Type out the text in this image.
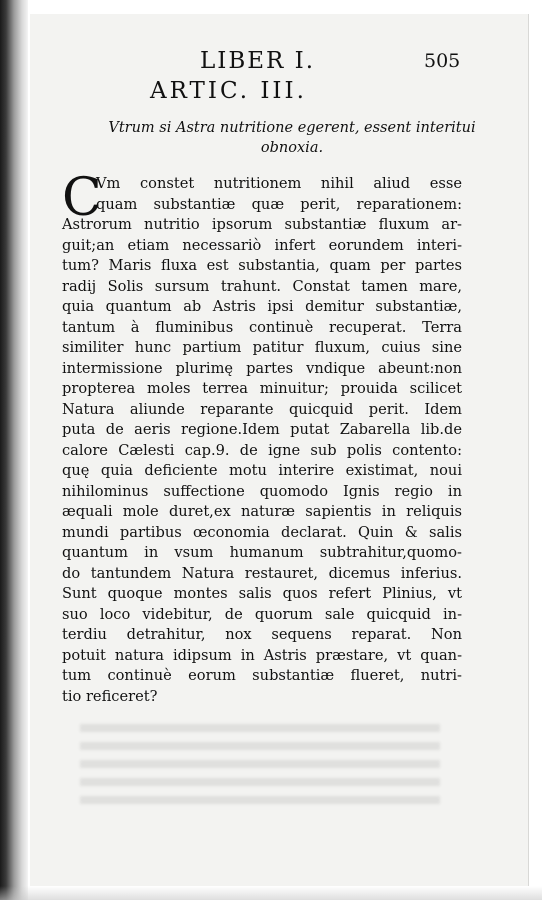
LIBER I.	505
ARTIC. III.
Vtrum si Astra nutritione egerent, essent interitui obnoxia.
C
Vm constet nutritionem nihil aliud esse
quam substantiæ quæ perit, reparationem:
Astrorum nutritio ipsorum substantiæ fluxum ar-
guit;an etiam necessariò infert eorundem interi-
tum? Maris fluxa est substantia, quam per partes
radij Solis sursum trahunt. Constat tamen mare,
quia quantum ab Astris ipsi demitur substantiæ,
tantum à fluminibus continuè recuperat. Terra
similiter hunc partium patitur fluxum, cuius sine
intermissione plurimę partes vndique abeunt:non
propterea moles terrea minuitur; prouida scilicet
Natura aliunde reparante quicquid perit. Idem
puta de aeris regione.Idem putat Zabarella lib.de
calore Cælesti cap.9. de igne sub polis contento:
quę quia deficiente motu interire existimat, noui
nihilominus suffectione quomodo Ignis regio in
æquali mole duret,ex naturæ sapientis in reliquis
mundi partibus œconomia declarat. Quin & salis
quantum in vsum humanum subtrahitur,quomo-
do tantundem Natura restauret, dicemus inferius.
Sunt quoque montes salis quos refert Plinius, vt
suo loco videbitur, de quorum sale quicquid in-
terdiu detrahitur, nox sequens reparat. Non
potuit natura idipsum in Astris præstare, vt quan-
tum continuè eorum substantiæ flueret, nutri-
tio reficeret?
